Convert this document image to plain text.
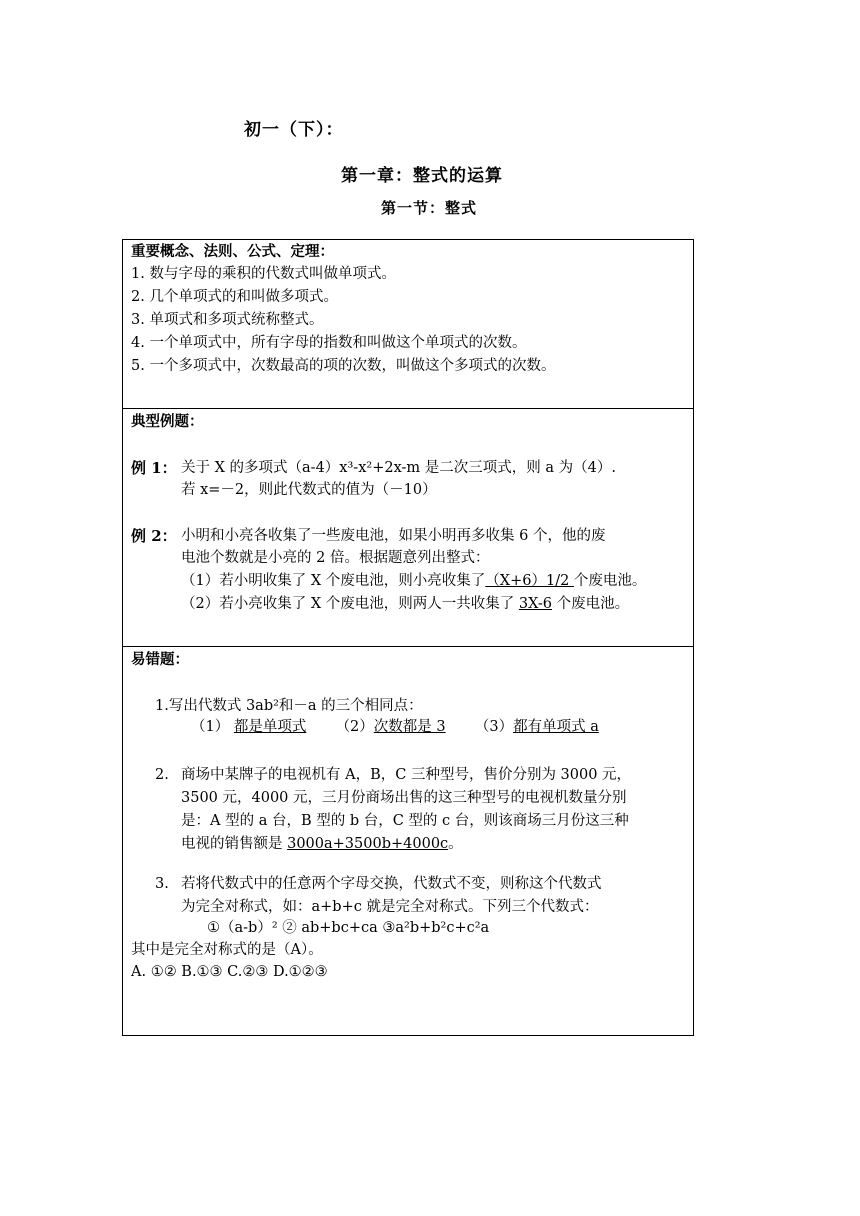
初一（下）：
第一章：整式的运算
第一节：整式
重要概念、法则、公式、定理：
1. 数与字母的乘积的代数式叫做单项式。
2. 几个单项式的和叫做多项式。
3. 单项式和多项式统称整式。
4. 一个单项式中，所有字母的指数和叫做这个单项式的次数。
5. 一个多项式中，次数最高的项的次数，叫做这个多项式的次数。
典型例题：
例 1： 关于 X 的多项式（a-4）x³-x²+2x-m 是二次三项式，则 a 为（4）.
若 x=－2，则此代数式的值为（－10）
例 2： 小明和小亮各收集了一些废电池，如果小明再多收集 6 个，他的废
电池个数就是小亮的 2 倍。根据题意列出整式：
（1）若小明收集了 X 个废电池，则小亮收集了（X+6）1/2 个废电池。
（2）若小亮收集了 X 个废电池，则两人一共收集了 3X-6 个废电池。
易错题：
1.写出代数式 3ab²和－a 的三个相同点：
（1） 都是单项式 （2）次数都是 3 （3）都有单项式 a
2. 商场中某牌子的电视机有 A，B，C 三种型号，售价分别为 3000 元，
3500 元，4000 元，三月份商场出售的这三种型号的电视机数量分别
是：A 型的 a 台，B 型的 b 台，C 型的 c 台，则该商场三月份这三种
电视的销售额是 3000a+3500b+4000c。
3. 若将代数式中的任意两个字母交换，代数式不变，则称这个代数式
为完全对称式，如：a+b+c 就是完全对称式。下列三个代数式：
①（a-b）² ② ab+bc+ca ③a²b+b²c+c²a
其中是完全对称式的是（A）。
A. ①② B.①③ C.②③ D.①②③
